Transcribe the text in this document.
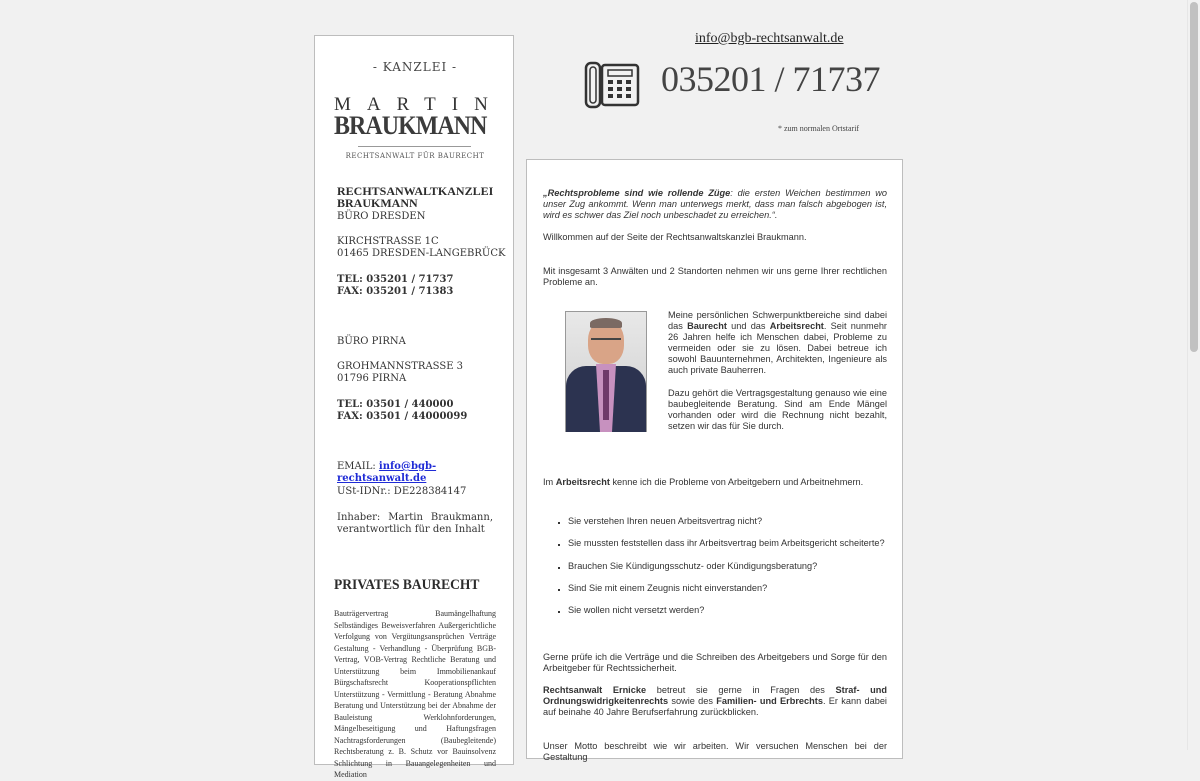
- KANZLEI -
MARTIN
BRAUKMANN
RECHTSANWALT FÜR BAURECHT
RECHTSANWALTKANZLEI BRAUKMANN
BÜRO DRESDEN
KIRCHSTRASSE 1C
01465 DRESDEN-LANGEBRÜCK
TEL: 035201 / 71737
FAX: 035201 / 71383
BÜRO PIRNA
GROHMANNSTRASSE 3
01796 PIRNA
TEL: 03501 / 440000
FAX: 03501 / 44000099
EMAIL: info@bgb-rechtsanwalt.de
USt-IDNr.: DE228384147
Inhaber: Martin Braukmann, verantwortlich für den Inhalt
PRIVATES BAURECHT
Bauträgervertrag Baumängelhaftung Selbständiges Beweisverfahren Außergerichtliche Verfolgung von Vergütungsansprüchen Verträge Gestaltung - Verhandlung - Überprüfung BGB-Vertrag, VOB-Vertrag Rechtliche Beratung und Unterstützung beim Immobilienankauf Bürgschaftsrecht Kooperationspflichten Unterstützung - Vermittlung - Beratung Abnahme Beratung und Unterstützung bei der Abnahme der Bauleistung Werklohnforderungen, Mängelbeseitigung und Haftungsfragen Nachtragsforderungen (Baubegleitende) Rechtsberatung z. B. Schutz vor Bauinsolvenz Schlichtung in Bauangelegenheiten und Mediation
info@bgb-rechtsanwalt.de
035201 / 71737
* zum normalen Ortstarif
„Rechtsprobleme sind wie rollende Züge: die ersten Weichen bestimmen wo unser Zug ankommt. Wenn man unterwegs merkt, dass man falsch abgebogen ist, wird es schwer das Ziel noch unbeschadet zu erreichen.“.
Willkommen auf der Seite der Rechtsanwaltskanzlei Braukmann.
Mit insgesamt 3 Anwälten und 2 Standorten nehmen wir uns gerne Ihrer rechtlichen Probleme an.
Meine persönlichen Schwerpunktbereiche sind dabei das Baurecht und das Arbeitsrecht. Seit nunmehr 26 Jahren helfe ich Menschen dabei, Probleme zu vermeiden oder sie zu lösen. Dabei betreue ich sowohl Bauunternehmen, Architekten, Ingenieure als auch private Bauherren.
Dazu gehört die Vertragsgestaltung genauso wie eine baubegleitende Beratung. Sind am Ende Mängel vorhanden oder wird die Rechnung nicht bezahlt, setzen wir das für Sie durch.
Im Arbeitsrecht kenne ich die Probleme von Arbeitgebern und Arbeitnehmern.
▪ Sie verstehen Ihren neuen Arbeitsvertrag nicht?
▪ Sie mussten feststellen dass ihr Arbeitsvertrag beim Arbeitsgericht scheiterte?
▪ Brauchen Sie Kündigungsschutz- oder Kündigungsberatung?
▪ Sind Sie mit einem Zeugnis nicht einverstanden?
▪ Sie wollen nicht versetzt werden?
Gerne prüfe ich die Verträge und die Schreiben des Arbeitgebers und Sorge für den Arbeitgeber für Rechtssicherheit.
Rechtsanwalt Ernicke betreut sie gerne in Fragen des Straf- und Ordnungswidrigkeitenrechts sowie des Familien- und Erbrechts. Er kann dabei auf beinahe 40 Jahre Berufserfahrung zurückblicken.
Unser Motto beschreibt wie wir arbeiten. Wir versuchen Menschen bei der Gestaltung
